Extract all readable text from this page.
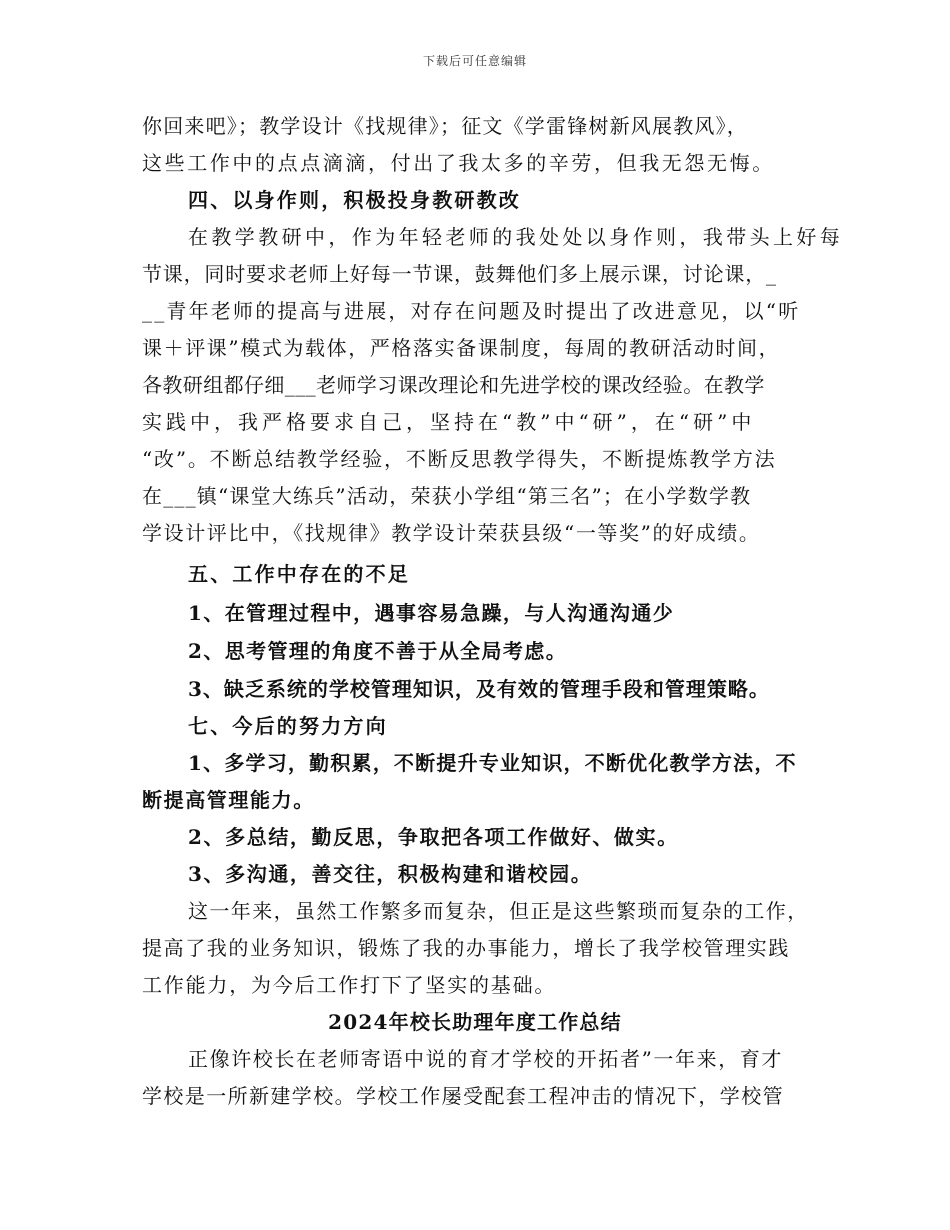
下载后可任意编辑
你回来吧》；教学设计《找规律》；征文《学雷锋树新风展教风》，
这些工作中的点点滴滴，付出了我太多的辛劳，但我无怨无悔。
四、以身作则，积极投身教研教改
在教学教研中，作为年轻老师的我处处以身作则，我带头上好每
节课，同时要求老师上好每一节课，鼓舞他们多上展示课，讨论课，_
__青年老师的提高与进展，对存在问题及时提出了改进意见，以“听
课＋评课”模式为载体，严格落实备课制度，每周的教研活动时间，
各教研组都仔细___老师学习课改理论和先进学校的课改经验。在教学
实践中，我严格要求自己，坚持在“教”中“研”，在“研”中
“改”。不断总结教学经验，不断反思教学得失，不断提炼教学方法
在___镇“课堂大练兵”活动，荣获小学组“第三名”；在小学数学教
学设计评比中，《找规律》教学设计荣获县级“一等奖”的好成绩。
五、工作中存在的不足
1、在管理过程中，遇事容易急躁，与人沟通沟通少
2、思考管理的角度不善于从全局考虑。
3、缺乏系统的学校管理知识，及有效的管理手段和管理策略。
七、今后的努力方向
1、多学习，勤积累，不断提升专业知识，不断优化教学方法，不
断提高管理能力。
2、多总结，勤反思，争取把各项工作做好、做实。
3、多沟通，善交往，积极构建和谐校园。
这一年来，虽然工作繁多而复杂，但正是这些繁琐而复杂的工作，
提高了我的业务知识，锻炼了我的办事能力，增长了我学校管理实践
工作能力，为今后工作打下了坚实的基础。
2024年校长助理年度工作总结
正像许校长在老师寄语中说的育才学校的开拓者”一年来，育才
学校是一所新建学校。学校工作屡受配套工程冲击的情况下，学校管
